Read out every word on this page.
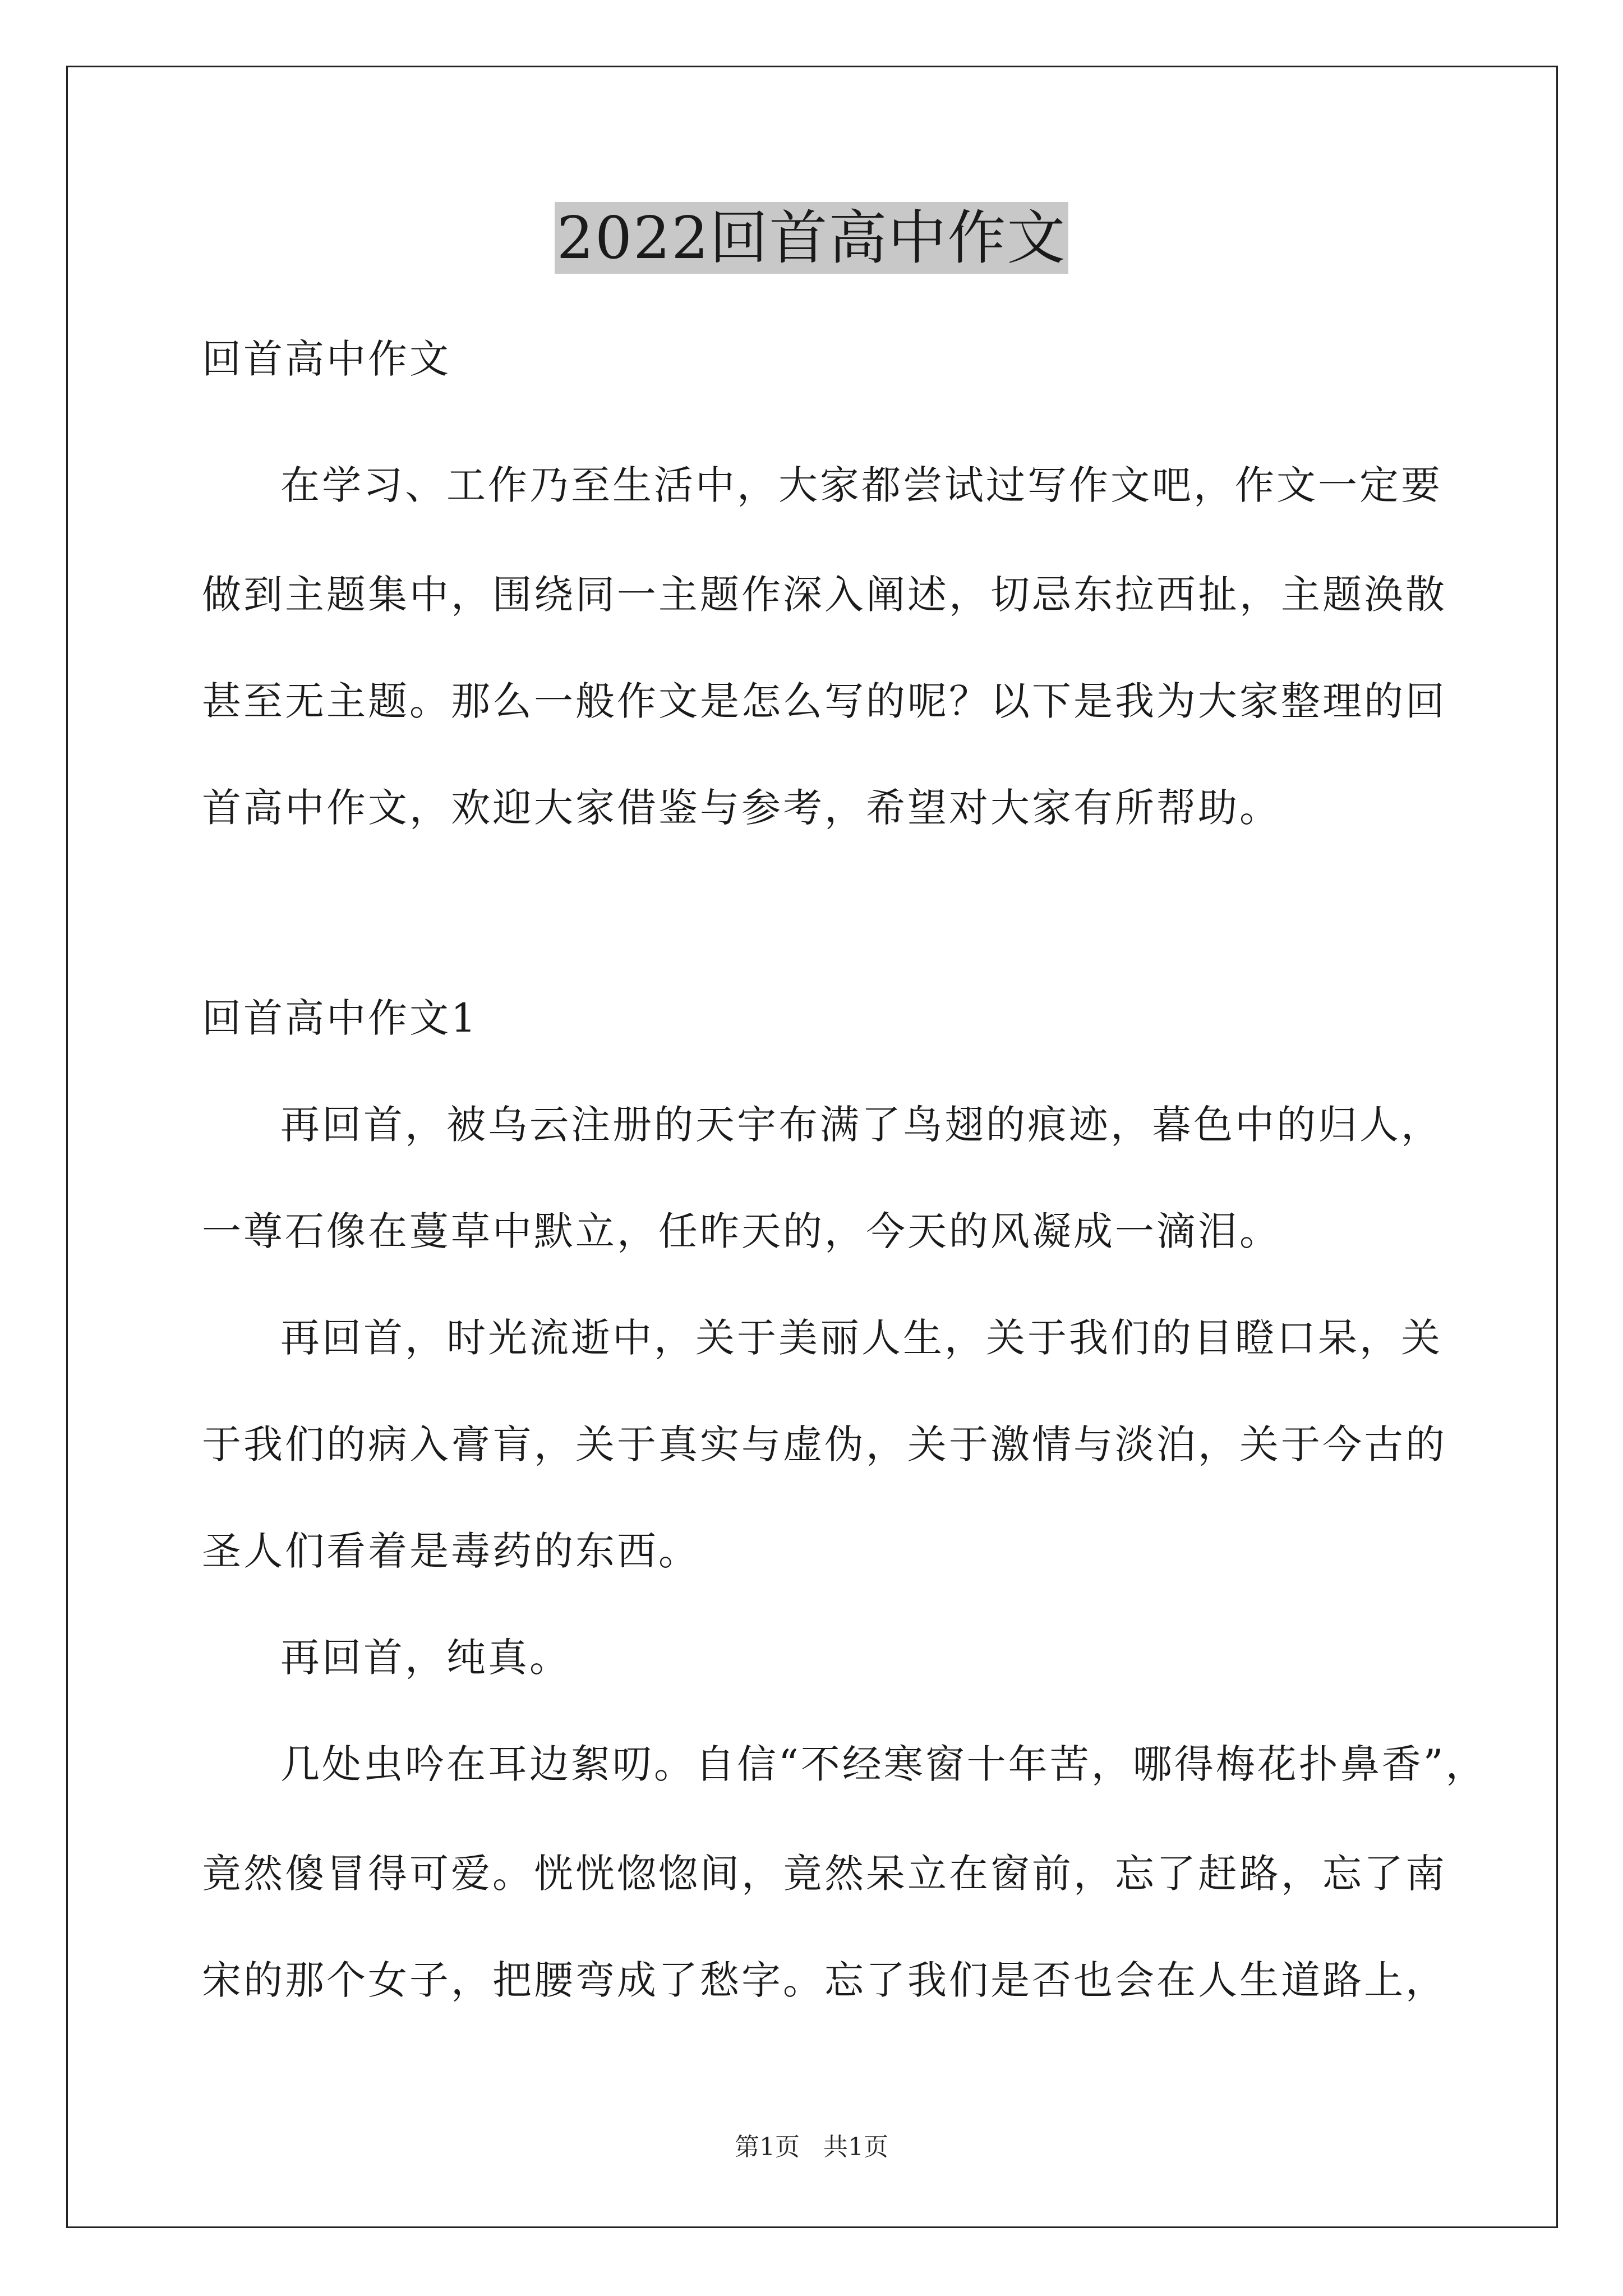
2022回首高中作文
回首高中作文
在学习、工作乃至生活中，大家都尝试过写作文吧，作文一定要
做到主题集中，围绕同一主题作深入阐述，切忌东拉西扯，主题涣散
甚至无主题。那么一般作文是怎么写的呢？以下是我为大家整理的回
首高中作文，欢迎大家借鉴与参考，希望对大家有所帮助。
回首高中作文1
再回首，被乌云注册的天宇布满了鸟翅的痕迹，暮色中的归人，
一尊石像在蔓草中默立，任昨天的，今天的风凝成一滴泪。
再回首，时光流逝中，关于美丽人生，关于我们的目瞪口呆，关
于我们的病入膏肓，关于真实与虚伪，关于激情与淡泊，关于今古的
圣人们看着是毒药的东西。
再回首，纯真。
几处虫吟在耳边絮叨。自信“不经寒窗十年苦，哪得梅花扑鼻香”，
竟然傻冒得可爱。恍恍惚惚间，竟然呆立在窗前，忘了赶路，忘了南
宋的那个女子，把腰弯成了愁字。忘了我们是否也会在人生道路上，
第1页 共1页
